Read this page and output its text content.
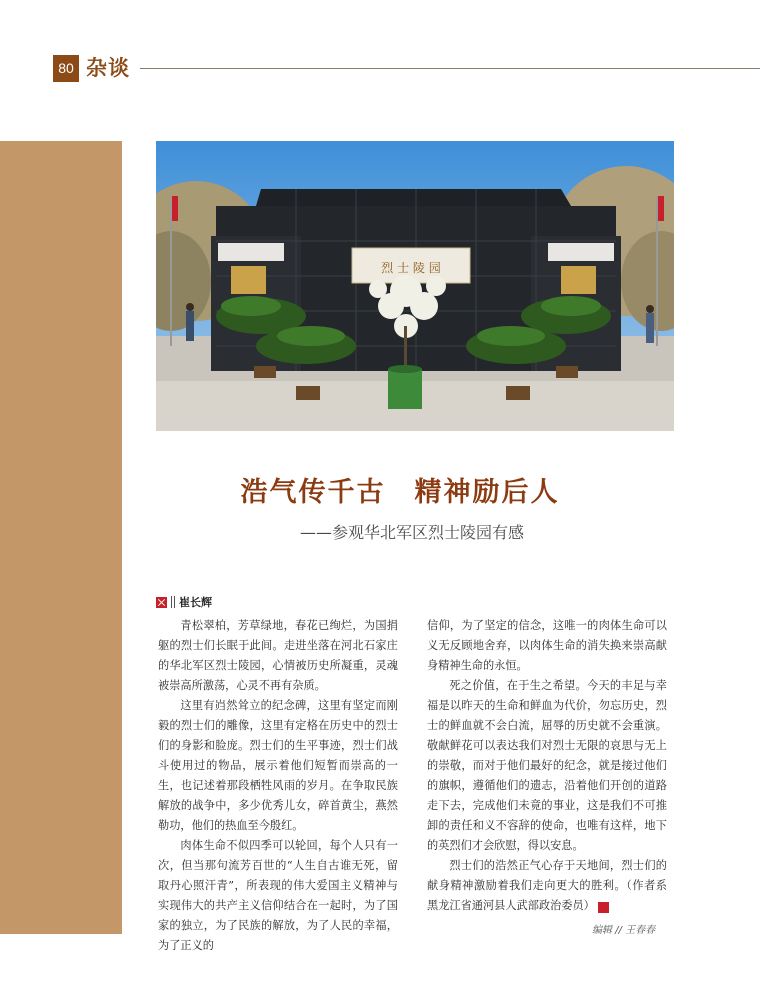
80 杂谈
烈 士 陵 园
浩气传千古　精神励后人
——参观华北军区烈士陵园有感
崔长辉

青松翠柏，芳草绿地，春花已绚烂，为国捐躯的烈士们长眠于此间。走进坐落在河北石家庄的华北军区烈士陵园，心情被历史所凝重，灵魂被崇高所激荡，心灵不再有杂质。

这里有岿然耸立的纪念碑，这里有坚定而刚毅的烈士们的雕像，这里有定格在历史中的烈士们的身影和脸庞。烈士们的生平事迹，烈士们战斗使用过的物品，展示着他们短暂而崇高的一生，也记述着那段栖牲风雨的岁月。在争取民族解放的战争中，多少优秀儿女，碎首黄尘，燕然勒功，他们的热血至今殷红。

肉体生命不似四季可以轮回，每个人只有一次，但当那句流芳百世的“人生自古谁无死，留取丹心照汗青”，所表现的伟大爱国主义精神与实现伟大的共产主义信仰结合在一起时，为了国家的独立，为了民族的解放，为了人民的幸福，为了正义的

信仰，为了坚定的信念，这唯一的肉体生命可以义无反顾地舍弃，以肉体生命的消失换来崇高献身精神生命的永恒。

死之价值，在于生之希望。今天的丰足与幸福是以昨天的生命和鲜血为代价，勿忘历史，烈士的鲜血就不会白流，屈辱的历史就不会重演。敬献鲜花可以表达我们对烈士无限的哀思与无上的崇敬，而对于他们最好的纪念，就是接过他们的旗帜，遵循他们的遗志，沿着他们开创的道路走下去，完成他们未竟的事业，这是我们不可推卸的责任和义不容辞的使命，也唯有这样，地下的英烈们才会欣慰，得以安息。

烈士们的浩然正气心存于天地间，烈士们的献身精神激励着我们走向更大的胜利。（作者系黑龙江省通河县人武部政治委员）	G

编辑 // 王春春
